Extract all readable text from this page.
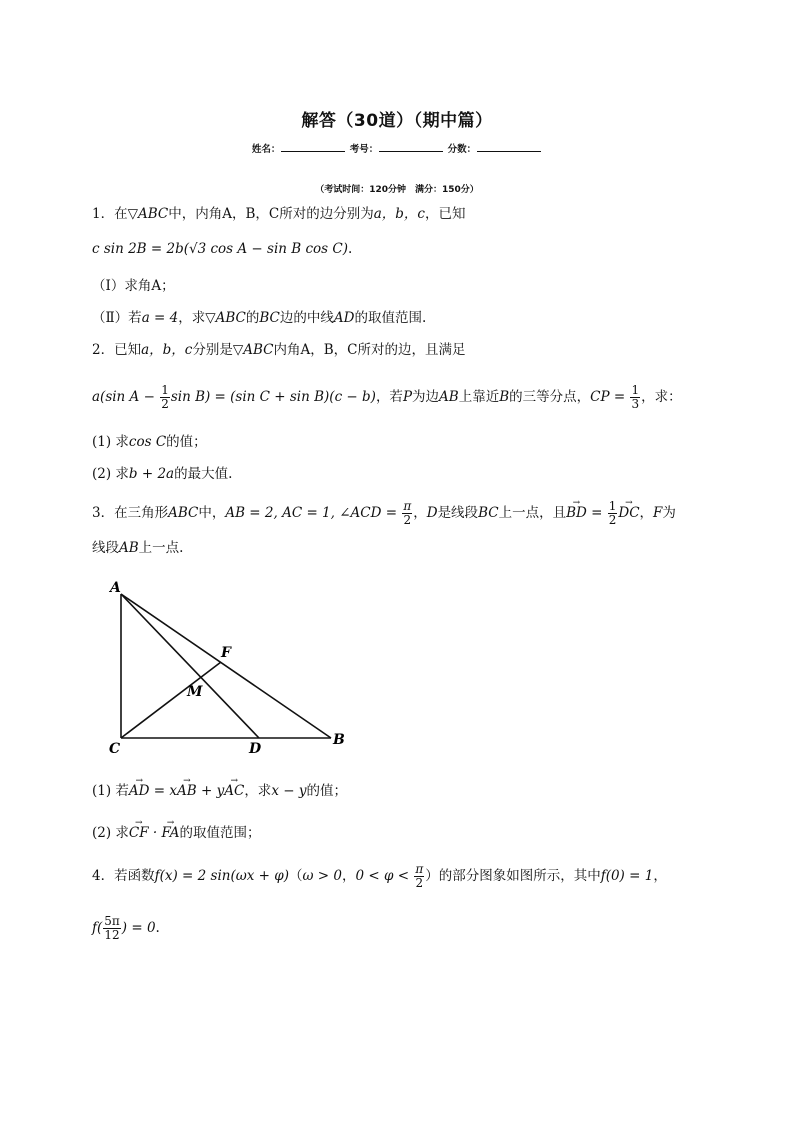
解答（30道）（期中篇）
姓名：	考号：	分数：
（考试时间：120分钟　满分：150分）
1．在▽ABC中，内角A，B，C所对的边分别为a，b，c，已知
c sin 2B = 2b(√3 cos A − sin B cos C).
（Ⅰ）求角A；
（Ⅱ）若a = 4，求▽ABC的BC边的中线AD的取值范围.
2．已知a，b，c分别是▽ABC内角A，B，C所对的边，且满足
a(sin $A - \frac{1}{2}$ sin B) = (sin C + sin B)(c − b)，若P为边AB上靠近B的三等分点，CP = $\frac{1}{3}$ ，求：
(1) 求cos C的值；
(2) 求b + 2a的最大值.
3．在三角形ABC中，AB = 2, AC = 1, ∠ACD = $\frac{\pi}{2}$ ，D是线段BC上一点，且→ BD = $\frac{1}{2}$
→ DC，F为
线段AB上一点.
A
B
C	D
F
M
(1) 若→ AD = x→ AB + y→ AC，求x − y的值；
(2) 求→ CF · → FA的取值范围；
4．若函数f(x) = 2 sin(ωx + φ)（ω > 0，$0 < \varphi < \frac{\pi}{2}$ ）的部分图象如图所示，其中f(0) = 1，
$f( \frac{5\pi}{12}$ ) = 0.
